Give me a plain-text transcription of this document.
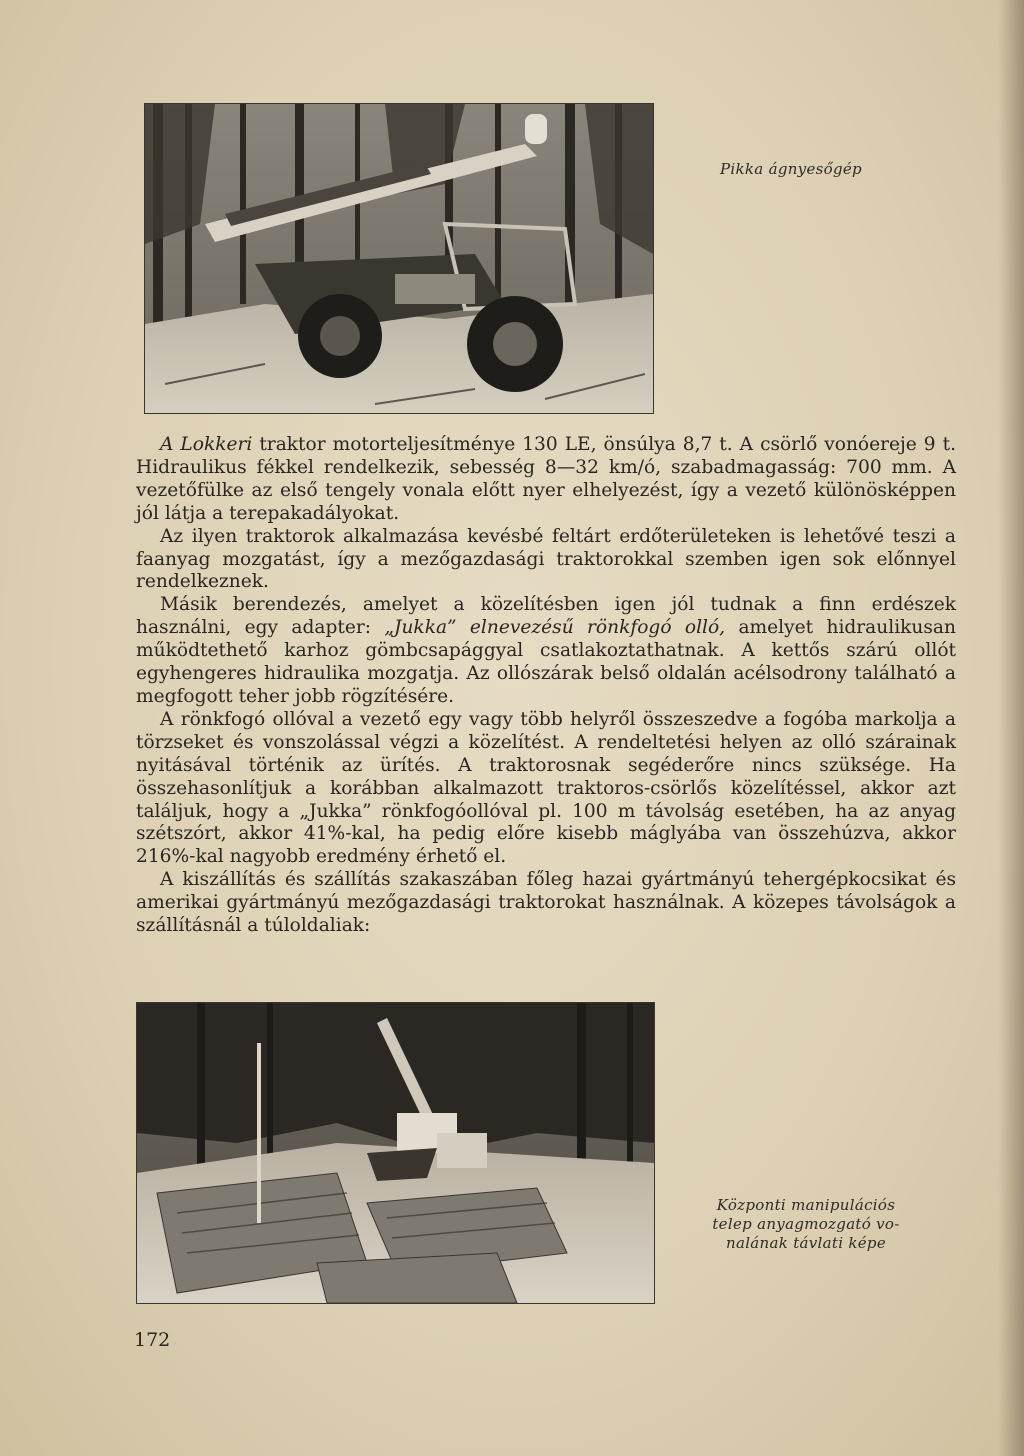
Pikka ágnyesőgép

A Lokkeri traktor motorteljesítménye 130 LE, önsúlya 8,7 t. A csörlő vonóereje 9 t. Hidraulikus fékkel rendelkezik, sebesség 8—32 km/ó, szabadmagasság: 700 mm. A vezetőfülke az első tengely vonala előtt nyer elhelyezést, így a vezető különösképpen jól látja a terepakadályokat.

Az ilyen traktorok alkalmazása kevésbé feltárt erdőterületeken is lehetővé teszi a faanyag mozgatást, így a mezőgazdasági traktorokkal szemben igen sok előnnyel rendelkeznek.

Másik berendezés, amelyet a közelítésben igen jól tudnak a finn erdészek használni, egy adapter: „Jukka” elnevezésű rönkfogó olló, amelyet hidraulikusan működtethető karhoz gömbcsapággyal csatlakoztathatnak. A kettős szárú ollót egyhengeres hidraulika mozgatja. Az ollószárak belső oldalán acélsodrony található a megfogott teher jobb rögzítésére.

A rönkfogó ollóval a vezető egy vagy több helyről összeszedve a fogóba markolja a törzseket és vonszolással végzi a közelítést. A rendeltetési helyen az olló szárainak nyitásával történik az ürítés. A traktorosnak segéderőre nincs szüksége. Ha összehasonlítjuk a korábban alkalmazott traktoros-csörlős közelítéssel, akkor azt találjuk, hogy a „Jukka” rönkfogóollóval pl. 100 m távolság esetében, ha az anyag szétszórt, akkor 41%-kal, ha pedig előre kisebb máglyába van összehúzva, akkor 216%-kal nagyobb eredmény érhető el.

A kiszállítás és szállítás szakaszában főleg hazai gyártmányú tehergépkocsikat és amerikai gyártmányú mezőgazdasági traktorokat használnak. A közepes távolságok a szállításnál a túloldaliak:

Központi manipulációs
telep anyagmozgató vo-
nalának távlati képe
172
